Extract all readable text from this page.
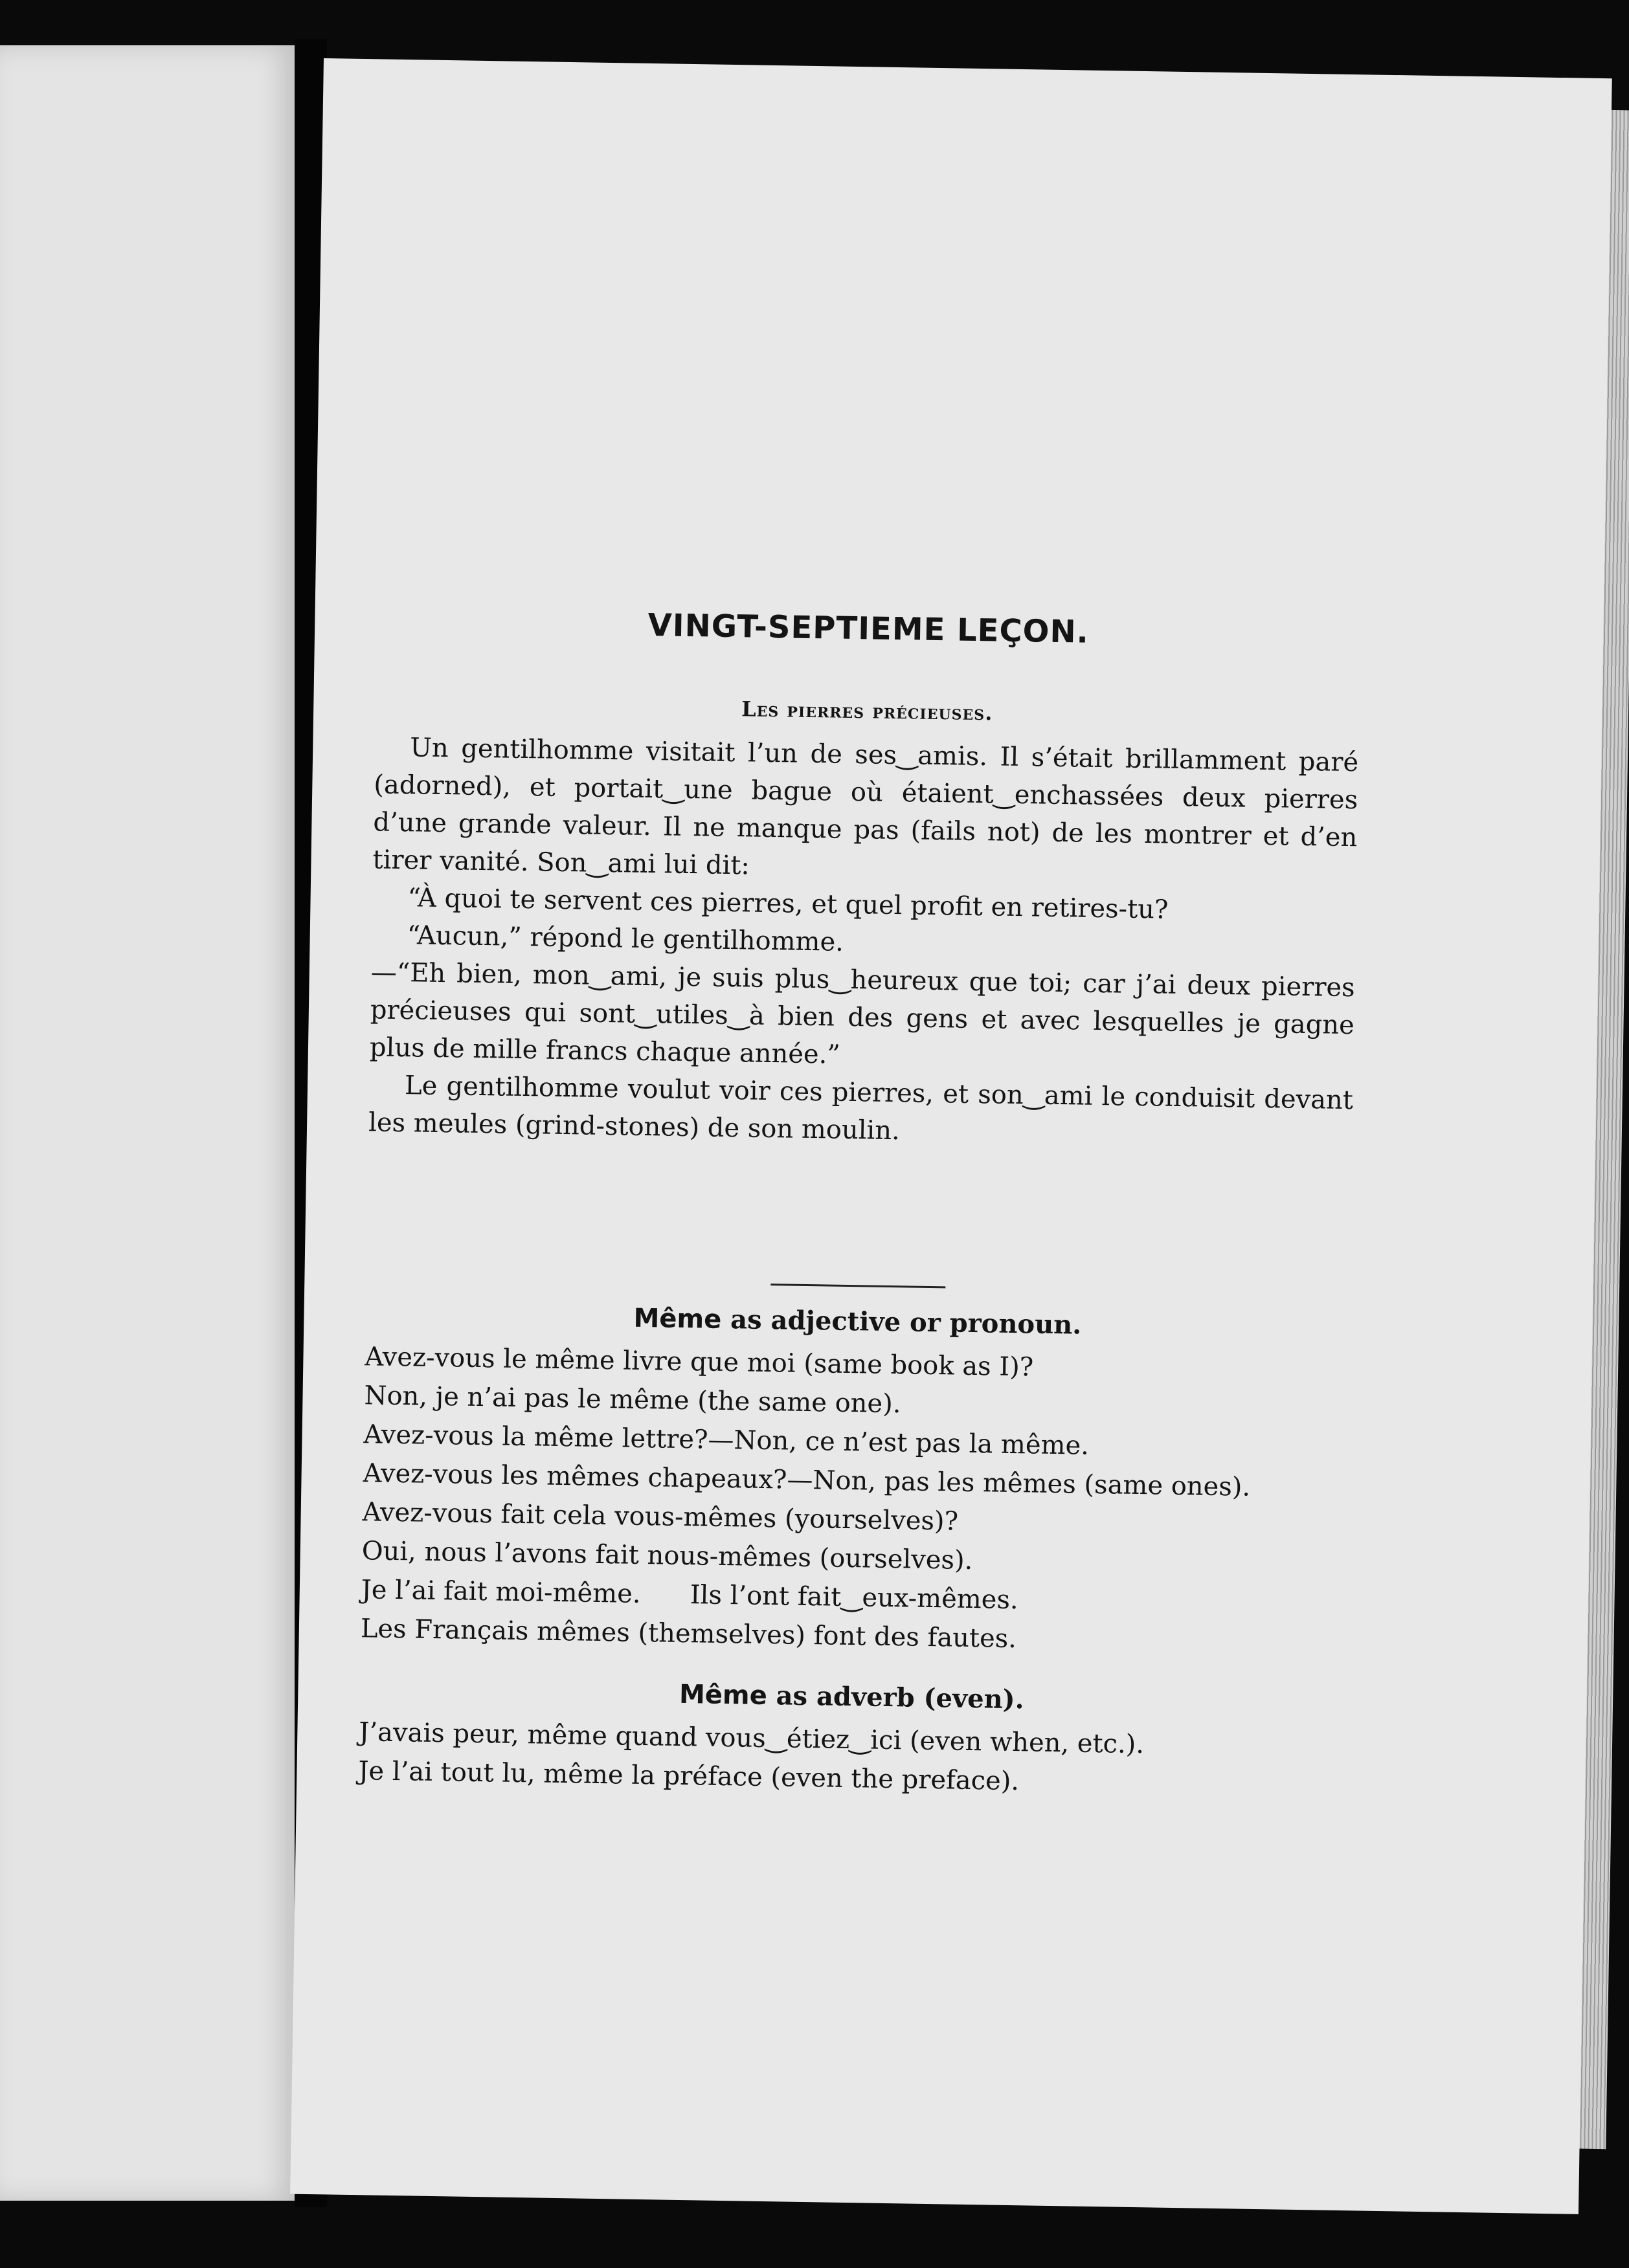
VINGT-SEPTIEME LEÇON.
Les pierres précieuses.

Un gentilhomme visitait l’un de ses‿amis. Il s’était brillamment paré (adorned), et portait‿une bague où étaient‿enchassées deux pierres d’une grande valeur. Il ne manque pas (fails not) de les montrer et d’en tirer vanité. Son‿ami lui dit:

“À quoi te servent ces pierres, et quel profit en retires-tu?

“Aucun,” répond le gentilhomme.

—“Eh bien, mon‿ami, je suis plus‿heureux que toi; car j’ai deux pierres précieuses qui sont‿utiles‿à bien des gens et avec lesquelles je gagne plus de mille francs chaque année.”

Le gentilhomme voulut voir ces pierres, et son‿ami le conduisit devant les meules (grind-stones) de son moulin.

Même as adjective or pronoun.

Avez-vous le même livre que moi (same book as I)?

Non, je n’ai pas le même (the same one).

Avez-vous la même lettre?—Non, ce n’est pas la même.

Avez-vous les mêmes chapeaux?—Non, pas les mêmes (same ones).

Avez-vous fait cela vous-mêmes (yourselves)?

Oui, nous l’avons fait nous-mêmes (ourselves).

Je l’ai fait moi-même.      Ils l’ont fait‿eux-mêmes.

Les Français mêmes (themselves) font des fautes.

Même as adverb (even).

J’avais peur, même quand vous‿étiez‿ici (even when, etc.).

Je l’ai tout lu, même la préface (even the preface).
